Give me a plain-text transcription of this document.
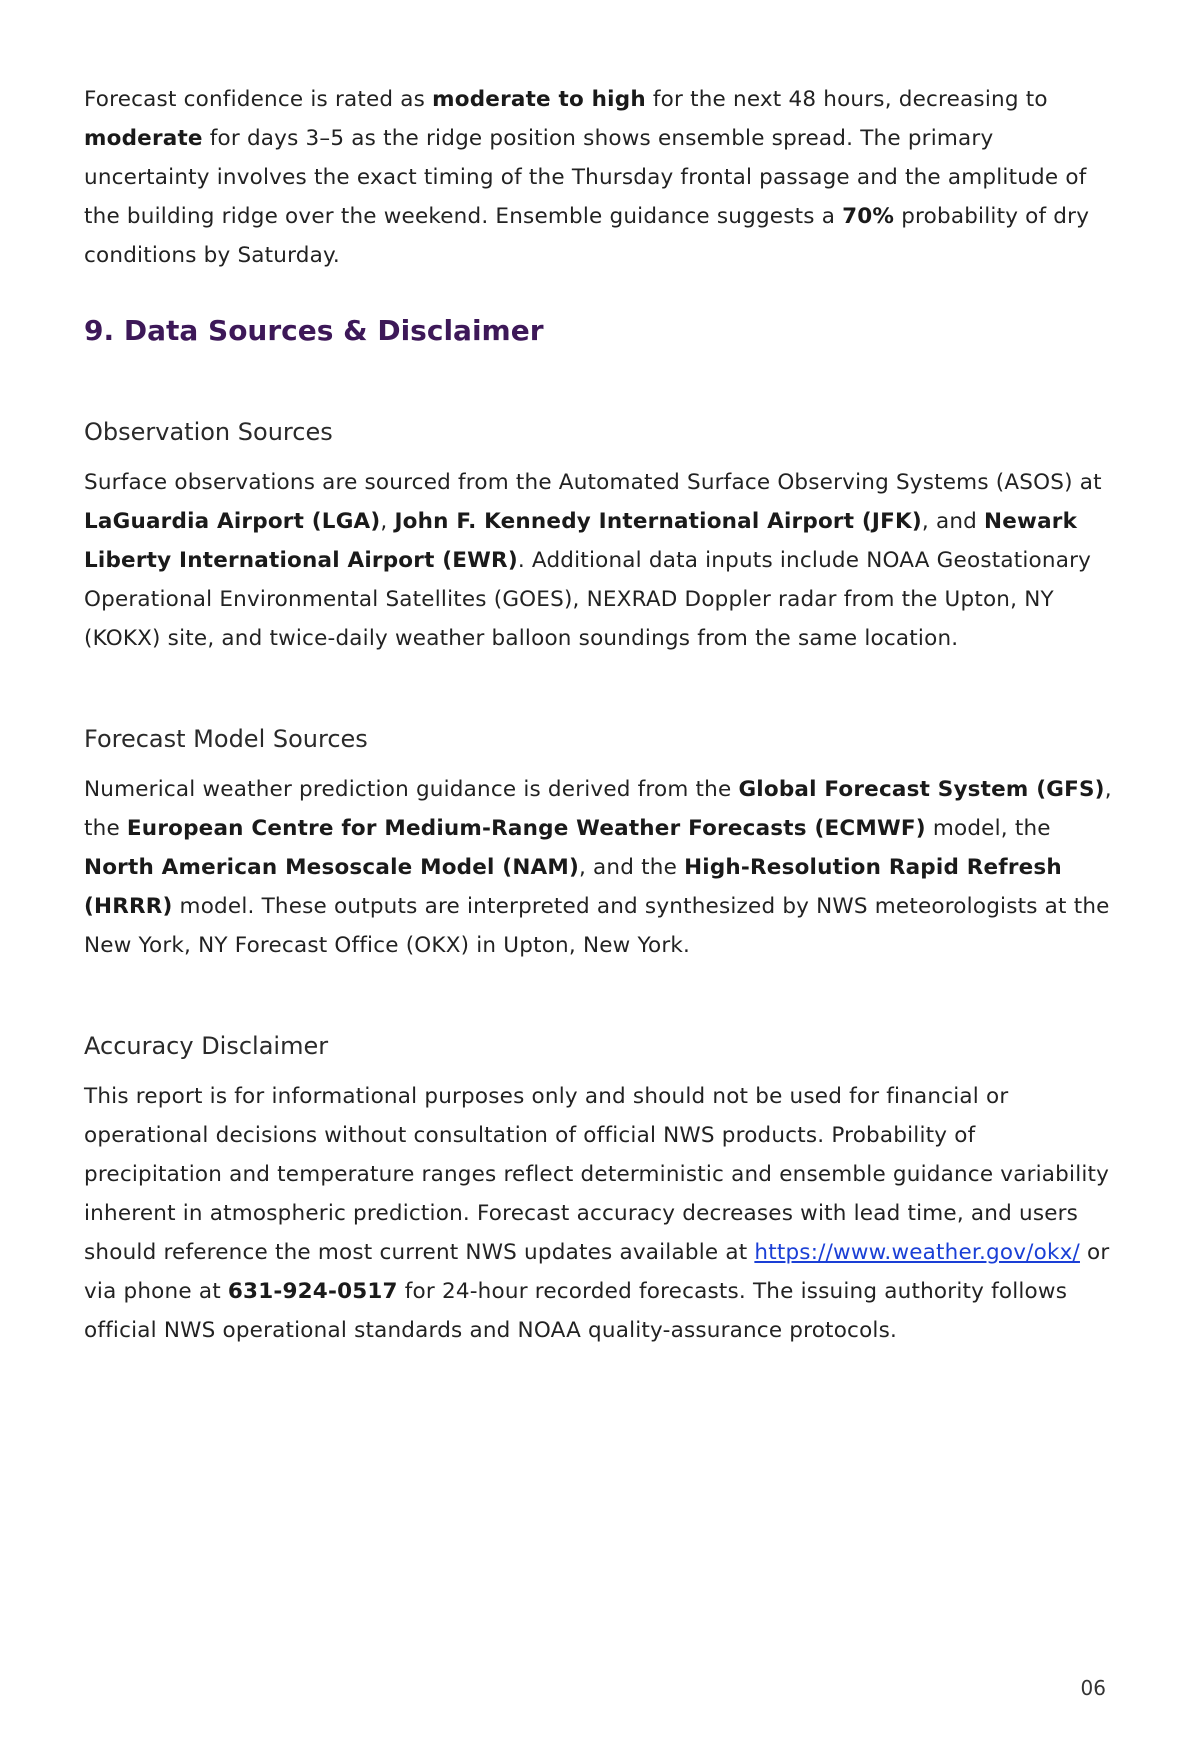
Forecast confidence is rated as moderate to high for the next 48 hours, decreasing to moderate for days 3–5 as the ridge position shows ensemble spread. The primary uncertainty involves the exact timing of the Thursday frontal passage and the amplitude of the building ridge over the weekend. Ensemble guidance suggests a 70% probability of dry conditions by Saturday.

9. Data Sources & Disclaimer
Observation Sources

Surface observations are sourced from the Automated Surface Observing Systems (ASOS) at LaGuardia Airport (LGA), John F. Kennedy International Airport (JFK), and Newark Liberty International Airport (EWR). Additional data inputs include NOAA Geostationary Operational Environmental Satellites (GOES), NEXRAD Doppler radar from the Upton, NY (KOKX) site, and twice-daily weather balloon soundings from the same location.

Forecast Model Sources

Numerical weather prediction guidance is derived from the Global Forecast System (GFS), the European Centre for Medium-Range Weather Forecasts (ECMWF) model, the North American Mesoscale Model (NAM), and the High-Resolution Rapid Refresh (HRRR) model. These outputs are interpreted and synthesized by NWS meteorologists at the New York, NY Forecast Office (OKX) in Upton, New York.

Accuracy Disclaimer

This report is for informational purposes only and should not be used for financial or operational decisions without consultation of official NWS products. Probability of precipitation and temperature ranges reflect deterministic and ensemble guidance variability inherent in atmospheric prediction. Forecast accuracy decreases with lead time, and users should reference the most current NWS updates available at https://www.weather.gov/okx/ or via phone at 631-924-0517 for 24-hour recorded forecasts. The issuing authority follows official NWS operational standards and NOAA quality-assurance protocols.

06
